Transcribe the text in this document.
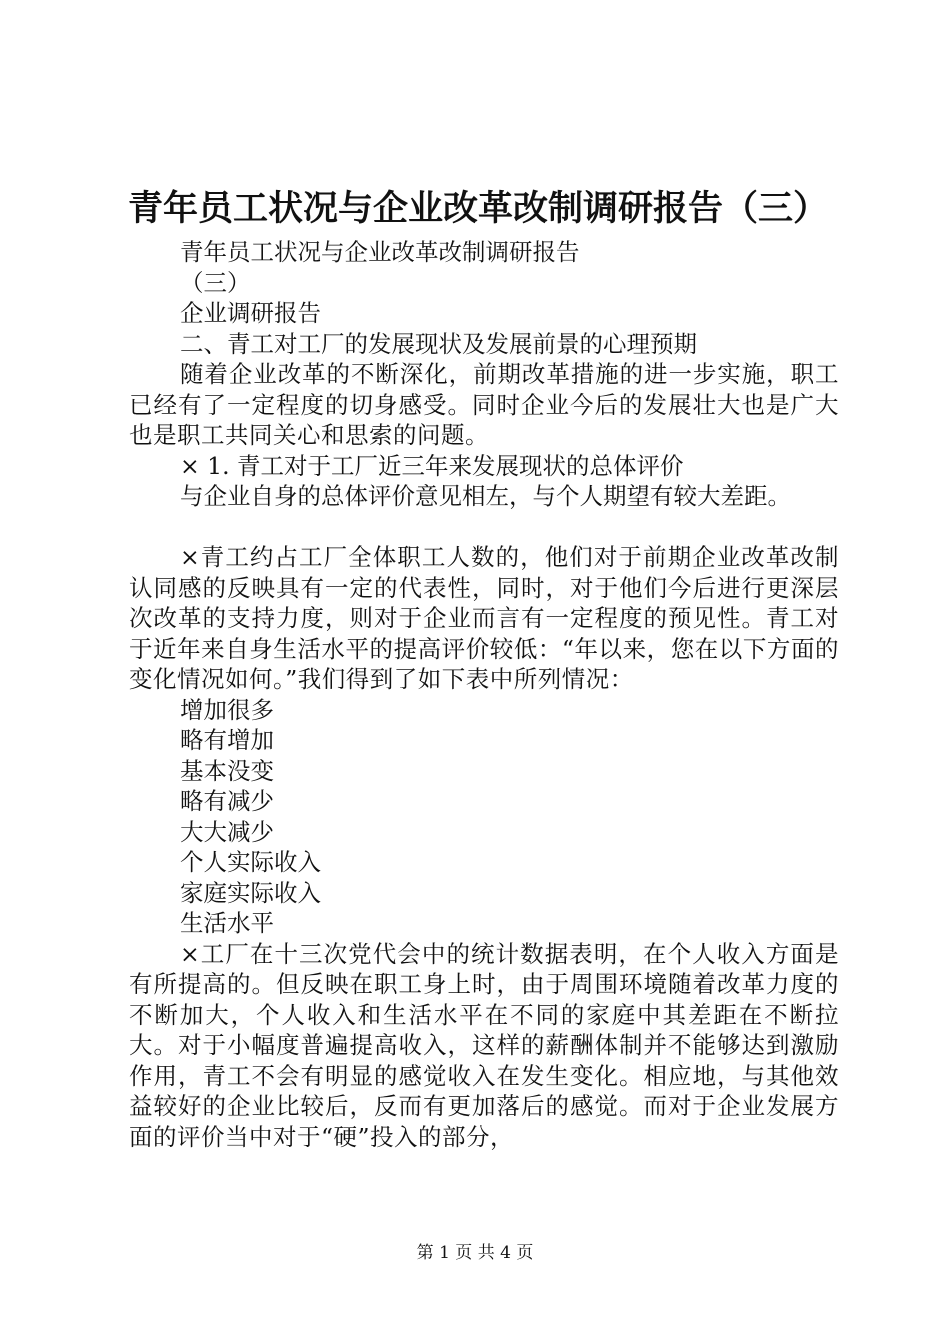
青年员工状况与企业改革改制调研报告（三）

青年员工状况与企业改革改制调研报告

（三）

企业调研报告

二、青工对工厂的发展现状及发展前景的心理预期

随着企业改革的不断深化，前期改革措施的进一步实施，职工已经有了一定程度的切身感受。同时企业今后的发展壮大也是广大也是职工共同关心和思索的问题。

× 1. 青工对于工厂近三年来发展现状的总体评价

与企业自身的总体评价意见相左，与个人期望有较大差距。

×青工约占工厂全体职工人数的，他们对于前期企业改革改制认同感的反映具有一定的代表性，同时，对于他们今后进行更深层次改革的支持力度，则对于企业而言有一定程度的预见性。青工对于近年来自身生活水平的提高评价较低：“年以来，您在以下方面的变化情况如何。”我们得到了如下表中所列情况：

增加很多

略有增加

基本没变

略有减少

大大减少

个人实际收入

家庭实际收入

生活水平

×工厂在十三次党代会中的统计数据表明，在个人收入方面是有所提高的。但反映在职工身上时，由于周围环境随着改革力度的不断加大，个人收入和生活水平在不同的家庭中其差距在不断拉大。对于小幅度普遍提高收入，这样的薪酬体制并不能够达到激励作用，青工不会有明显的感觉收入在发生变化。相应地，与其他效益较好的企业比较后，反而有更加落后的感觉。而对于企业发展方面的评价当中对于“硬”投入的部分，

第 1 页 共 4 页
